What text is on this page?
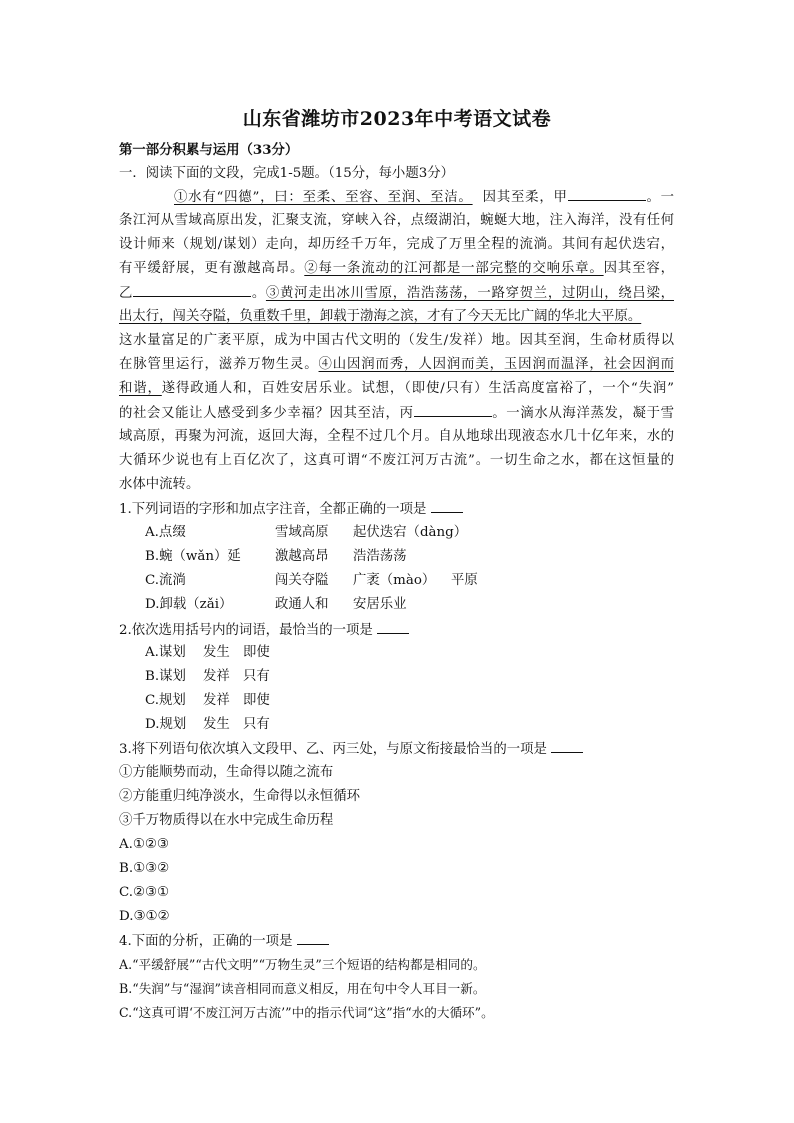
山东省潍坊市2023年中考语文试卷
第一部分积累与运用（33分）
一．阅读下面的文段，完成1-5题。（15分，每小题3分）
①水有“四德”，曰：至柔、至容、至润、至洁。 因其至柔，甲	。一
条江河从雪域高原出发，汇聚支流，穿峡入谷，点缀湖泊，蜿蜒大地，注入海洋，没有任何
设计师来（规划/谋划）走向，却历经千万年，完成了万里全程的流淌。其间有起伏迭宕，
有平缓舒展，更有激越高昂。②每一条流动的江河都是一部完整的交响乐章。因其至容，
乙	。③黄河走出冰川雪原，浩浩荡荡，一路穿贺兰，过阴山，绕吕梁，
出太行，闯关夺隘，负重数千里，卸载于渤海之滨，才有了今天无比广阔的华北大平原。
这水量富足的广袤平原，成为中国古代文明的（发生/发祥）地。因其至润，生命材质得以
在脉管里运行，滋养万物生灵。④山因润而秀，人因润而美，玉因润而温泽，社会因润而
和谐，遂得政通人和，百姓安居乐业。试想，（即使/只有）生活高度富裕了，一个“失润”
的社会又能让人感受到多少幸福？因其至洁，丙	。一滴水从海洋蒸发，凝于雪
域高原，再聚为河流，返回大海，全程不过几个月。自从地球出现液态水几十亿年来，水的
大循环少说也有上百亿次了，这真可谓“不废江河万古流”。一切生命之水，都在这恒量的
水体中流转。
1.下列词语的字形和加点字注音，全都正确的一项是
A.点缀	雪域高原 起伏迭宕（dàng）
B.蜿（wǎn）延	激越高昂 浩浩荡荡
C.流淌	闯关夺隘 广袤（mào） 平原
D.卸载（zǎi）	政通人和 安居乐业
2.依次选用括号内的词语，最恰当的一项是
A.谋划 发生 即使
B.谋划 发祥 只有
C.规划 发祥 即使
D.规划 发生 只有
3.将下列语句依次填入文段甲、乙、丙三处，与原文衔接最恰当的一项是
①方能顺势而动，生命得以随之流布
②方能重归纯净淡水，生命得以永恒循环
③千万物质得以在水中完成生命历程
A.①②③
B.①③②
C.②③①
D.③①②
4.下面的分析，正确的一项是
A.“平缓舒展”“古代文明”“万物生灵”三个短语的结构都是相同的。
B.“失润”与“湿润”读音相同而意义相反，用在句中令人耳目一新。
C.“这真可谓‘不废江河万古流’”中的指示代词“这”指“水的大循环”。
